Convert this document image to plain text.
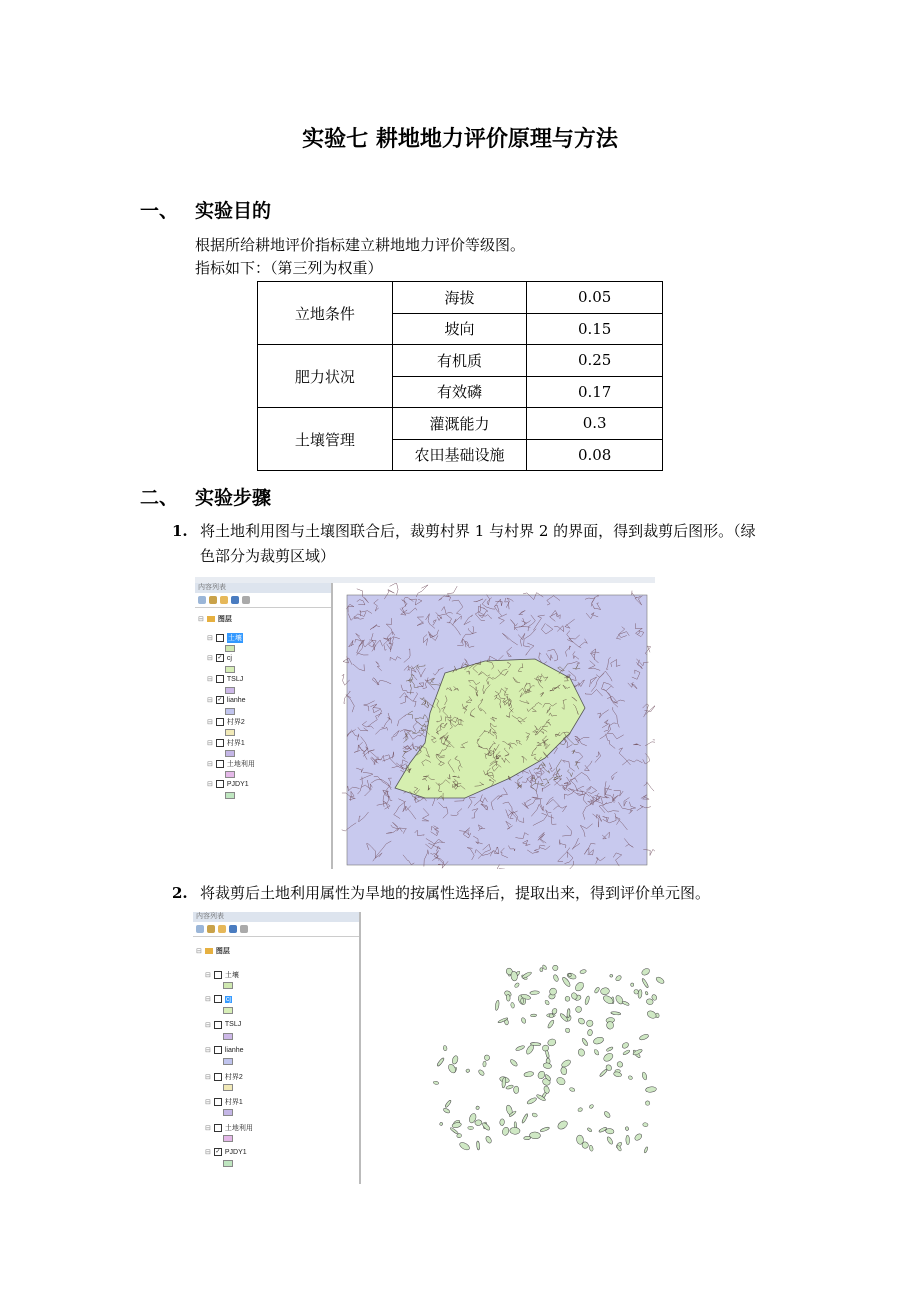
实验七 耕地地力评价原理与方法
一、 实验目的
根据所给耕地评价指标建立耕地地力评价等级图。
指标如下：（第三列为权重）
立地条件	海拔	0.05
	坡向	0.15
肥力状况	有机质	0.25
	有效磷	0.17
土壤管理	灌溉能力	0.3
	农田基础设施	0.08
二、 实验步骤
1. 将土地利用图与土壤图联合后，裁剪村界 1 与村界 2 的界面，得到裁剪后图形。（绿
色部分为裁剪区域）
内容列表
⊟ 图层
⊟ 土壤
⊟ ✓ cj
⊟ TSLJ
⊟ ✓ lianhe
⊟ 村界2
⊟ 村界1
⊟ 土地利用
⊟ PJDY1
2. 将裁剪后土地利用属性为旱地的按属性选择后，提取出来，得到评价单元图。
内容列表
⊟ 图层
⊟ 土壤
⊟ cj
⊟ TSLJ
⊟ lianhe
⊟ 村界2
⊟ 村界1
⊟ 土地利用
⊟ ✓ PJDY1
